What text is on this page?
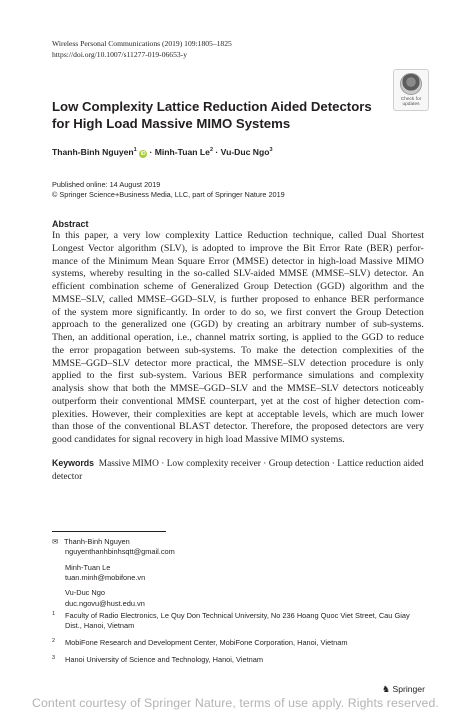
Wireless Personal Communications (2019) 109:1805–1825
https://doi.org/10.1007/s11277-019-06653-y
Check for
updates
Low Complexity Lattice Reduction Aided Detectors for High Load Massive MIMO Systems
Thanh‑Binh Nguyen$^1$ iD · Minh‑Tuan $Le^2$ · Vu‑Duc Ngo$^3$
Published online: 14 August 2019
© Springer Science+Business Media, LLC, part of Springer Nature 2019
Abstract
In this paper, a very low complexity Lattice Reduction technique, called Dual Shortest
Longest Vector algorithm (SLV), is adopted to improve the Bit Error Rate (BER) perfor-
mance of the Minimum Mean Square Error (MMSE) detector in high-load Massive MIMO
systems, whereby resulting in the so-called SLV-aided MMSE (MMSE–SLV) detector. An
efficient combination scheme of Generalized Group Detection (GGD) algorithm and the
MMSE–SLV, called MMSE–GGD–SLV, is further proposed to enhance BER performance
of the system more significantly. In order to do so, we first convert the Group Detection
approach to the generalized one (GGD) by creating an arbitrary number of sub-systems.
Then, an additional operation, i.e., channel matrix sorting, is applied to the GGD to reduce
the error propagation between sub-systems. To make the detection complexities of the
MMSE–GGD–SLV detector more practical, the MMSE–SLV detection procedure is only
applied to the first sub-system. Various BER performance simulations and complexity
analysis show that both the MMSE–GGD–SLV and the MMSE–SLV detectors noticeably
outperform their conventional MMSE counterpart, yet at the cost of higher detection com-
plexities. However, their complexities are kept at acceptable levels, which are much lower
than those of the conventional BLAST detector. Therefore, the proposed detectors are very
good candidates for signal recovery in high load Massive MIMO systems.
Keywords Massive MIMO · Low complexity receiver · Group detection · Lattice reduction aided detector
✉ Thanh‑Binh Nguyen
nguyenthanhbinhsqtt@gmail.com
Minh‑Tuan Le
tuan.minh@mobifone.vn
Vu‑Duc Ngo
duc.ngovu@hust.edu.vn
1	Faculty of Radio Electronics, Le Quy Don Technical University, No 236 Hoang Quoc Viet Street, Cau Giay Dist., Hanoi, Vietnam
2	MobiFone Research and Development Center, MobiFone Corporation, Hanoi, Vietnam
3	Hanoi University of Science and Technology, Hanoi, Vietnam
♞ Springer
Content courtesy of Springer Nature, terms of use apply. Rights reserved.
